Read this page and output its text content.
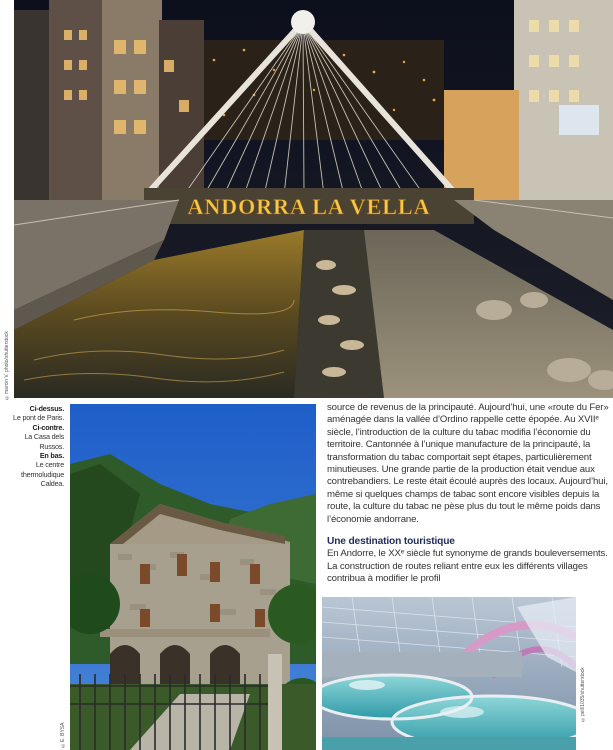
ANDORRA LA VELLA
©marcin V. photo/shutterstock
Ci-dessus.
Le pont de Paris.
Ci-contre.
La Casa dels Russos.
En bas.
Le centre thermoludique Caldea.
©E. BYSA

source de revenus de la principauté. Aujourd’hui, une «route du Fer» aménagée dans la vallée d’Ordino rappelle cette épopée. Au XVIIᵉ siècle, l’introduction de la culture du tabac modifia l’économie du territoire. Cantonnée à l’unique manufacture de la principauté, la transformation du tabac comportait sept étapes, particulièrement minutieuses. Une grande partie de la production était vendue aux contrebandiers. Le reste était écoulé auprès des locaux. Aujourd’hui, même si quelques champs de tabac sont encore visibles depuis la route, la culture du tabac ne pèse plus du tout le même poids dans l’économie andorrane.

Une destination touristique

En Andorre, le XXᵉ siècle fut synonyme de grands bouleversements. La construction de routes reliant entre eux les différents villages contribua à modifier le profil

©pell/1035/shutterstock
